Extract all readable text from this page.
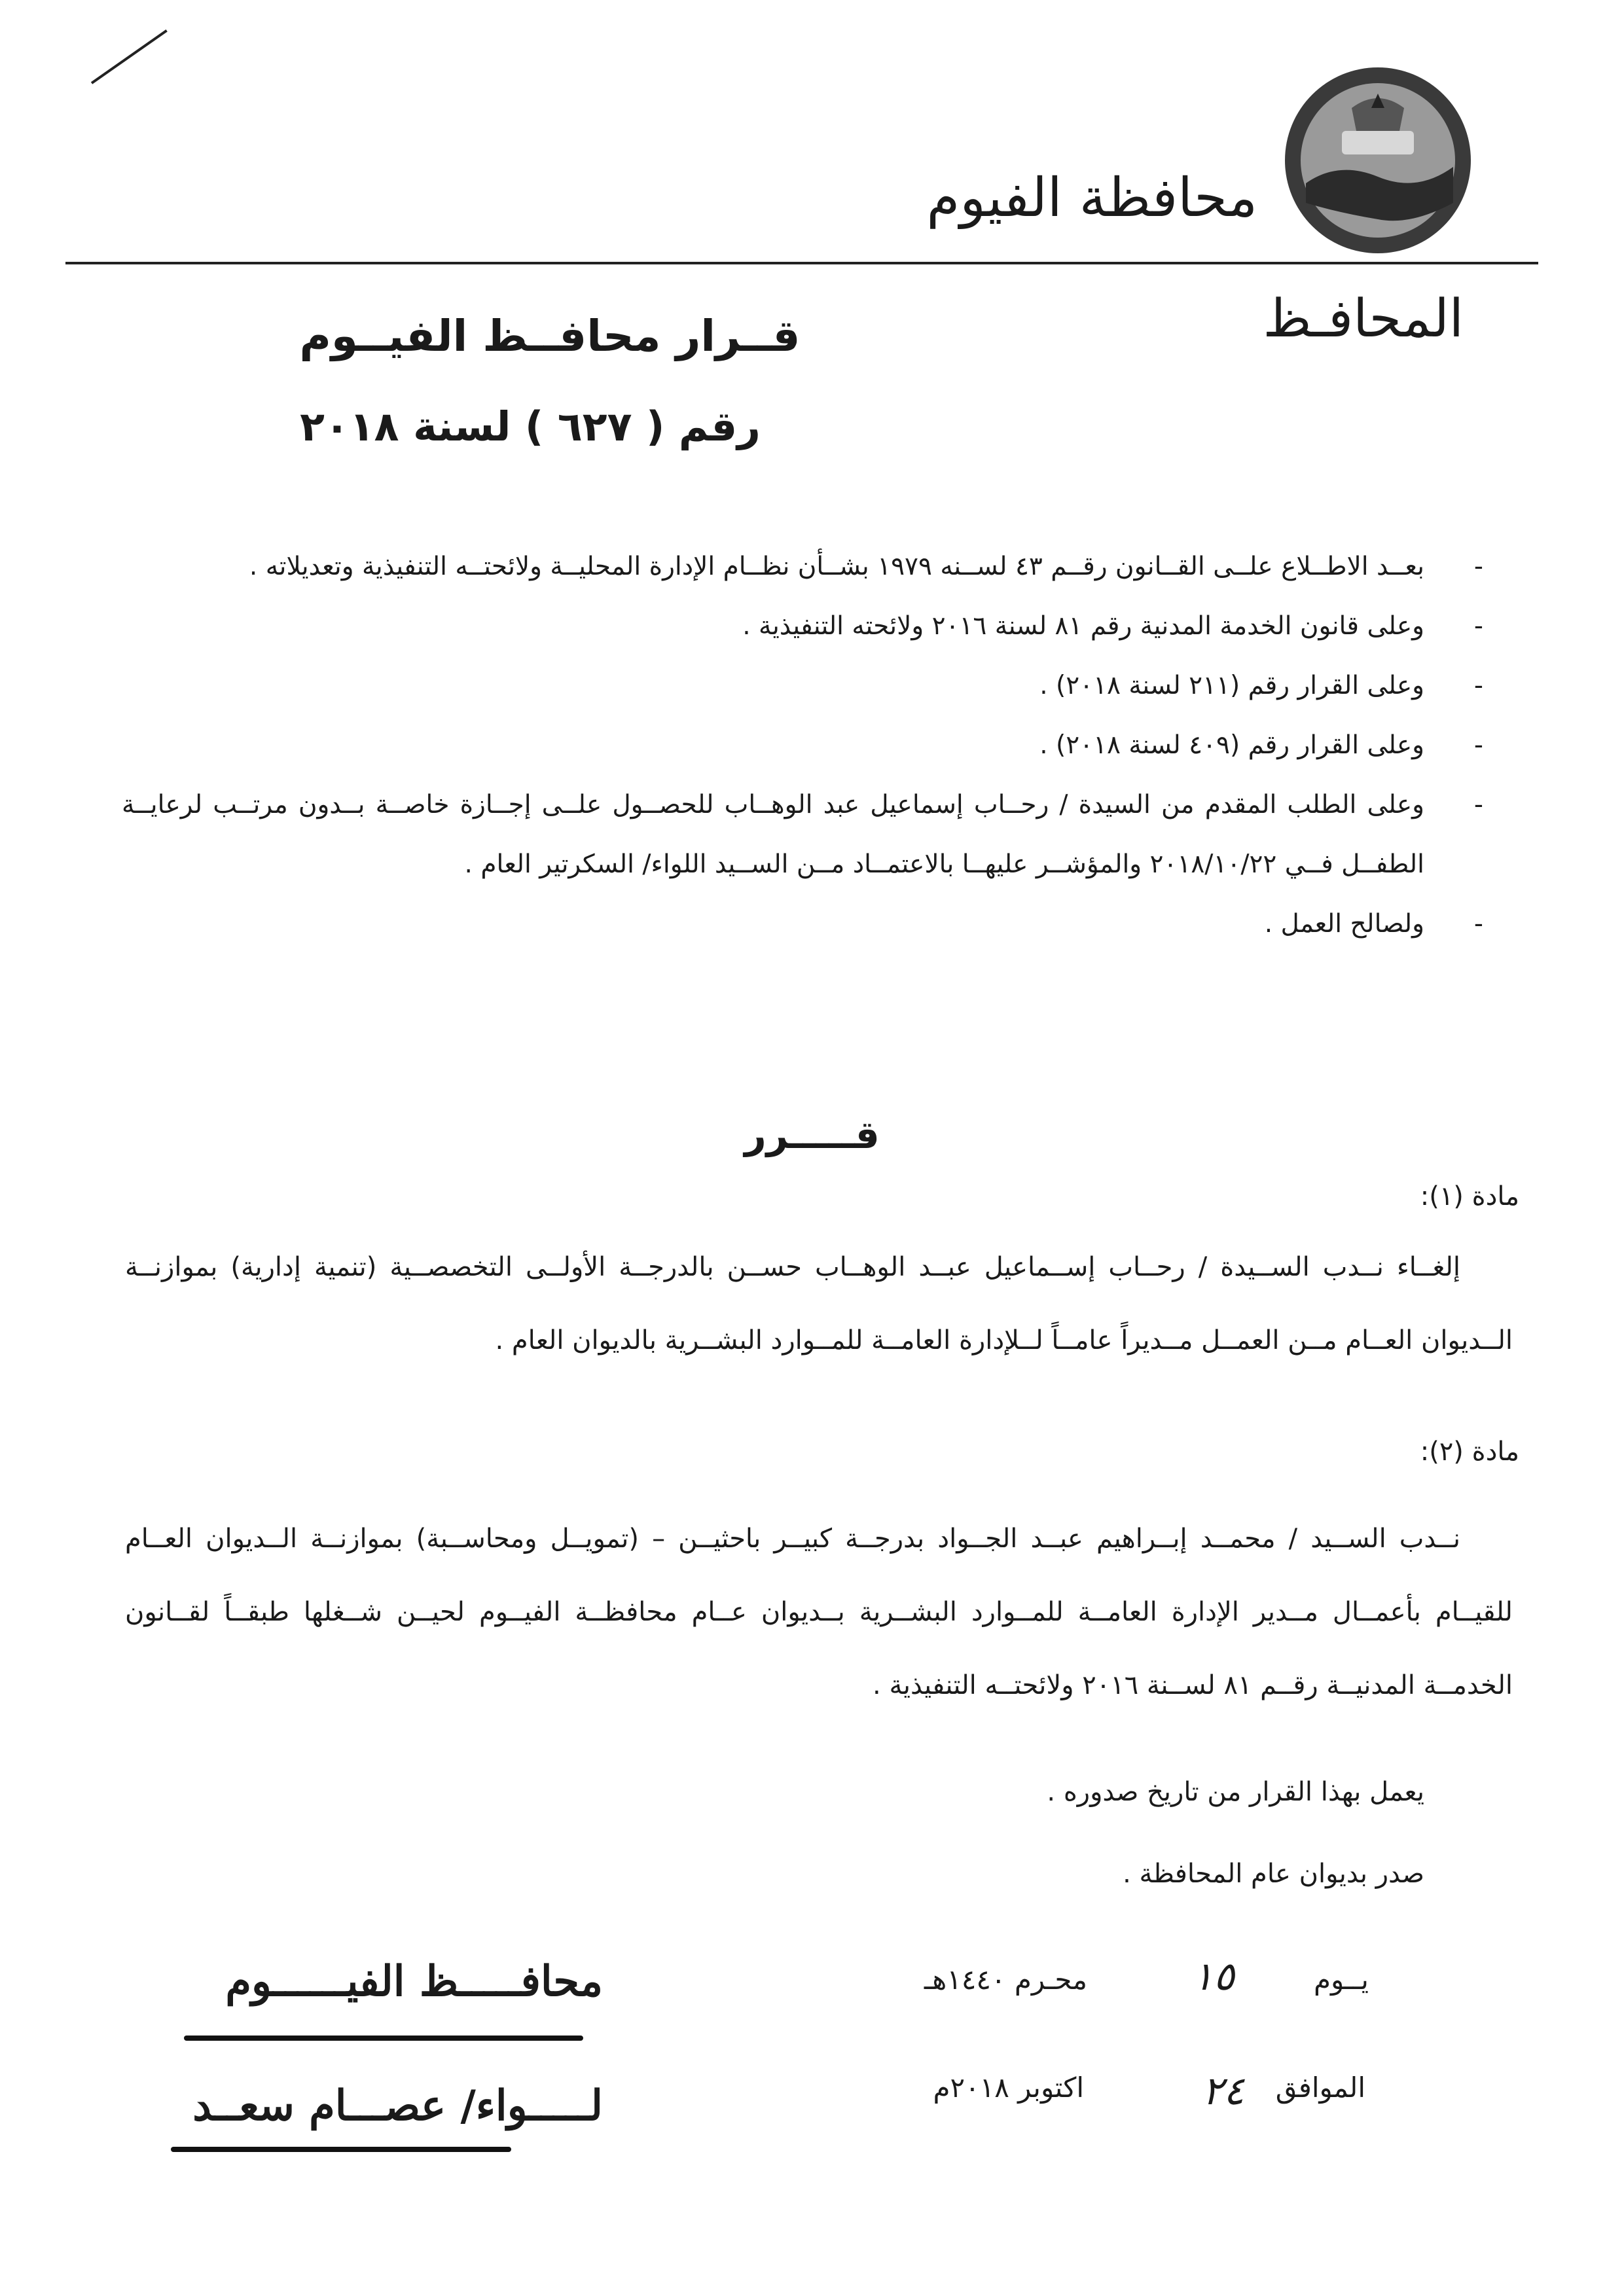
محافظة الفيوم
المحافـظ
قــرار محافــظ الفيــوم
رقم ( ٦٢٧ ) لسنة ٢٠١٨
-
بعــد الاطــلاع علــى القــانون رقــم ٤٣ لســنه ١٩٧٩ بشــأن نظــام الإدارة المحليــة ولائحتــه التنفيذية وتعديلاته .
-
وعلى قانون الخدمة المدنية رقم ٨١ لسنة ٢٠١٦ ولائحته التنفيذية .
-
وعلى القرار رقم (٢١١ لسنة ٢٠١٨) .
-
وعلى القرار رقم (٤٠٩ لسنة ٢٠١٨) .
-
وعلى الطلب المقدم من السيدة / رحــاب إسماعيل عبد الوهــاب للحصــول علــى إجــازة خاصــة بــدون مرتــب لرعايــة الطفــل فــي ٢٠١٨/١٠/٢٢ والمؤشــر عليهــا بالاعتمــاد مــن الســيد اللواء/ السكرتير العام .
-
ولصالح العمل .
قـــــرر
مادة (١):
إلغــاء نــدب الســيدة / رحــاب إســماعيل عبــد الوهــاب حســن بالدرجــة الأولــى التخصصــية (تنمية إدارية) بموازنــة الــديوان العــام مــن العمــل مــديراً عامــاً لــلإدارة العامــة للمــوارد البشــرية بالديوان العام .
مادة (٢):
نــدب الســيد / محمــد إبــراهيم عبــد الجــواد بدرجــة كبيــر باحثيــن – (تمويــل ومحاســبة) بموازنــة الــديوان العــام للقيــام بأعمــال مــدير الإدارة العامــة للمــوارد البشــرية بــديوان عــام محافظــة الفيــوم لحيــن شــغلها طبقــاً لقــانون الخدمــة المدنيــة رقــم ٨١ لســنة ٢٠١٦ ولائحتــه التنفيذية .
يعمل بهذا القرار من تاريخ صدوره .
صدر بديوان عام المحافظة .
يــوم
١٥
محـرم ١٤٤٠هـ
الموافق
٢٤
اكتوبر ٢٠١٨م
محافـــــظ الفيــــــوم
لـــــواء/ عصـــام سعــد
